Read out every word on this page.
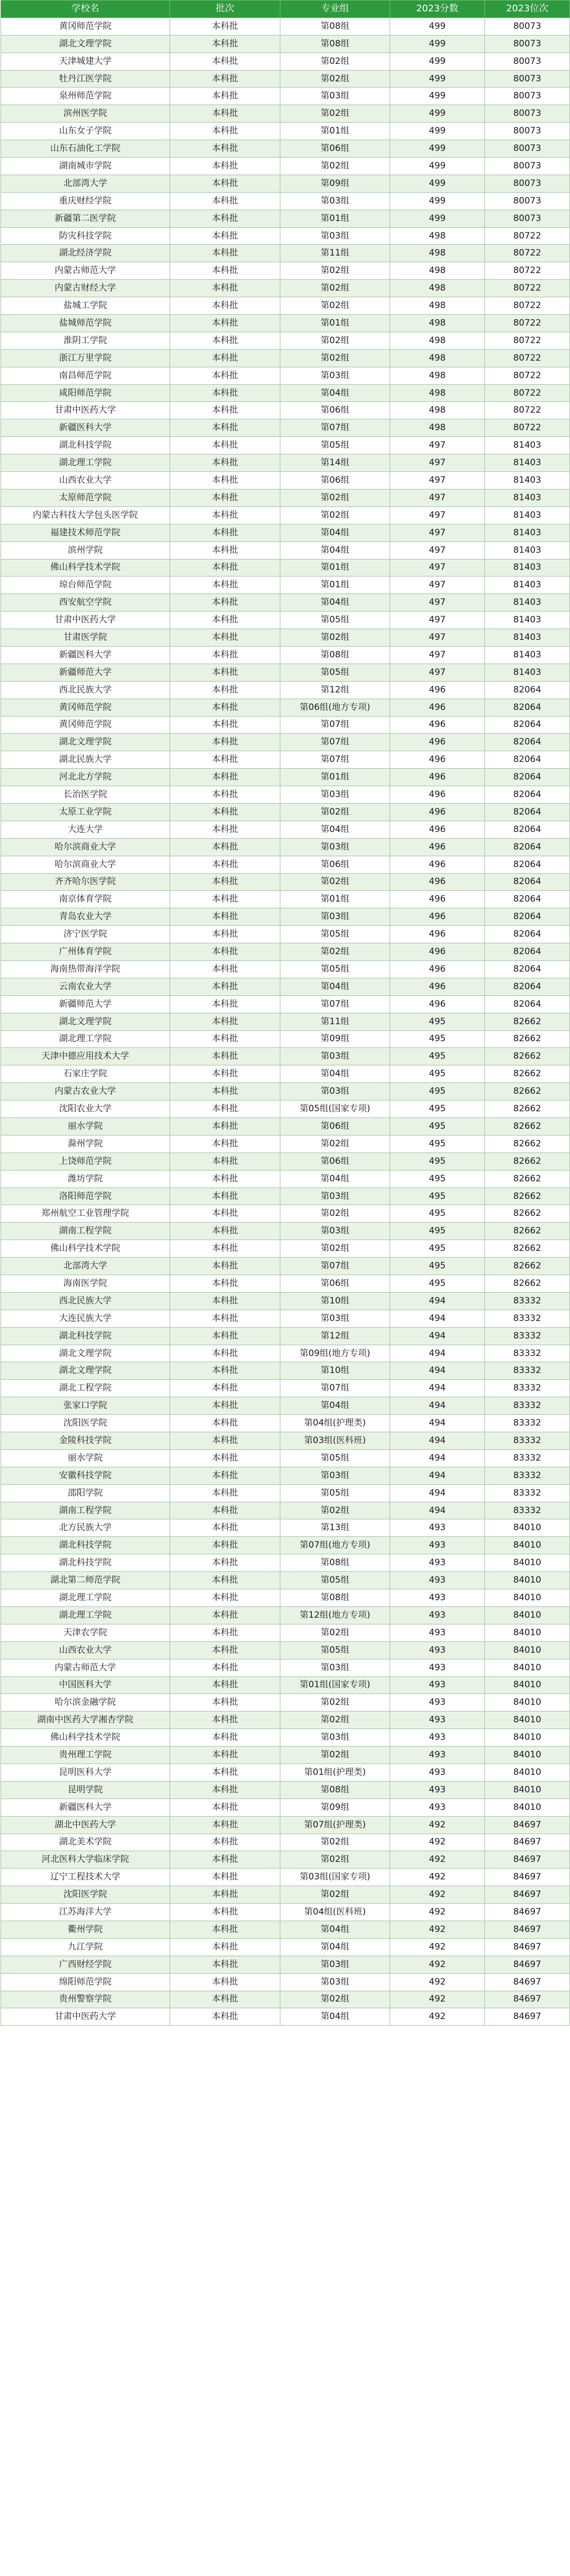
学校名	批次	专业组	2023分数	2023位次
黄冈师范学院	本科批	第08组	499	80073
湖北文理学院	本科批	第08组	499	80073
天津城建大学	本科批	第02组	499	80073
牡丹江医学院	本科批	第02组	499	80073
泉州师范学院	本科批	第03组	499	80073
滨州医学院	本科批	第02组	499	80073
山东女子学院	本科批	第01组	499	80073
山东石油化工学院	本科批	第06组	499	80073
湖南城市学院	本科批	第02组	499	80073
北部湾大学	本科批	第09组	499	80073
重庆财经学院	本科批	第03组	499	80073
新疆第二医学院	本科批	第01组	499	80073
防灾科技学院	本科批	第03组	498	80722
湖北经济学院	本科批	第11组	498	80722
内蒙古师范大学	本科批	第02组	498	80722
内蒙古财经大学	本科批	第02组	498	80722
盐城工学院	本科批	第02组	498	80722
盐城师范学院	本科批	第01组	498	80722
淮阴工学院	本科批	第02组	498	80722
浙江万里学院	本科批	第02组	498	80722
南昌师范学院	本科批	第03组	498	80722
咸阳师范学院	本科批	第04组	498	80722
甘肃中医药大学	本科批	第06组	498	80722
新疆医科大学	本科批	第07组	498	80722
湖北科技学院	本科批	第05组	497	81403
湖北理工学院	本科批	第14组	497	81403
山西农业大学	本科批	第06组	497	81403
太原师范学院	本科批	第02组	497	81403
内蒙古科技大学包头医学院	本科批	第02组	497	81403
福建技术师范学院	本科批	第04组	497	81403
滨州学院	本科批	第04组	497	81403
佛山科学技术学院	本科批	第01组	497	81403
琼台师范学院	本科批	第01组	497	81403
西安航空学院	本科批	第04组	497	81403
甘肃中医药大学	本科批	第05组	497	81403
甘肃医学院	本科批	第02组	497	81403
新疆医科大学	本科批	第08组	497	81403
新疆师范大学	本科批	第05组	497	81403
西北民族大学	本科批	第12组	496	82064
黄冈师范学院	本科批	第06组(地方专项)	496	82064
黄冈师范学院	本科批	第07组	496	82064
湖北文理学院	本科批	第07组	496	82064
湖北民族大学	本科批	第07组	496	82064
河北北方学院	本科批	第01组	496	82064
长治医学院	本科批	第03组	496	82064
太原工业学院	本科批	第02组	496	82064
大连大学	本科批	第04组	496	82064
哈尔滨商业大学	本科批	第03组	496	82064
哈尔滨商业大学	本科批	第06组	496	82064
齐齐哈尔医学院	本科批	第02组	496	82064
南京体育学院	本科批	第01组	496	82064
青岛农业大学	本科批	第03组	496	82064
济宁医学院	本科批	第05组	496	82064
广州体育学院	本科批	第02组	496	82064
海南热带海洋学院	本科批	第05组	496	82064
云南农业大学	本科批	第04组	496	82064
新疆师范大学	本科批	第07组	496	82064
湖北文理学院	本科批	第11组	495	82662
湖北理工学院	本科批	第09组	495	82662
天津中德应用技术大学	本科批	第03组	495	82662
石家庄学院	本科批	第04组	495	82662
内蒙古农业大学	本科批	第03组	495	82662
沈阳农业大学	本科批	第05组(国家专项)	495	82662
丽水学院	本科批	第06组	495	82662
滁州学院	本科批	第02组	495	82662
上饶师范学院	本科批	第06组	495	82662
潍坊学院	本科批	第04组	495	82662
洛阳师范学院	本科批	第03组	495	82662
郑州航空工业管理学院	本科批	第02组	495	82662
湖南工程学院	本科批	第03组	495	82662
佛山科学技术学院	本科批	第02组	495	82662
北部湾大学	本科批	第07组	495	82662
海南医学院	本科批	第06组	495	82662
西北民族大学	本科批	第10组	494	83332
大连民族大学	本科批	第03组	494	83332
湖北科技学院	本科批	第12组	494	83332
湖北文理学院	本科批	第09组(地方专项)	494	83332
湖北文理学院	本科批	第10组	494	83332
湖北工程学院	本科批	第07组	494	83332
张家口学院	本科批	第04组	494	83332
沈阳医学院	本科批	第04组(护理类)	494	83332
金陵科技学院	本科批	第03组(医科班)	494	83332
丽水学院	本科批	第05组	494	83332
安徽科技学院	本科批	第03组	494	83332
邵阳学院	本科批	第05组	494	83332
湖南工程学院	本科批	第02组	494	83332
北方民族大学	本科批	第13组	493	84010
湖北科技学院	本科批	第07组(地方专项)	493	84010
湖北科技学院	本科批	第08组	493	84010
湖北第二师范学院	本科批	第05组	493	84010
湖北理工学院	本科批	第08组	493	84010
湖北理工学院	本科批	第12组(地方专项)	493	84010
天津农学院	本科批	第02组	493	84010
山西农业大学	本科批	第05组	493	84010
内蒙古师范大学	本科批	第03组	493	84010
中国医科大学	本科批	第01组(国家专项)	493	84010
哈尔滨金融学院	本科批	第02组	493	84010
湖南中医药大学湘杏学院	本科批	第02组	493	84010
佛山科学技术学院	本科批	第03组	493	84010
贵州理工学院	本科批	第02组	493	84010
昆明医科大学	本科批	第01组(护理类)	493	84010
昆明学院	本科批	第08组	493	84010
新疆医科大学	本科批	第09组	493	84010
湖北中医药大学	本科批	第07组(护理类)	492	84697
湖北美术学院	本科批	第02组	492	84697
河北医科大学临床学院	本科批	第02组	492	84697
辽宁工程技术大学	本科批	第03组(国家专项)	492	84697
沈阳医学院	本科批	第02组	492	84697
江苏海洋大学	本科批	第04组(医科班)	492	84697
衢州学院	本科批	第04组	492	84697
九江学院	本科批	第04组	492	84697
广西财经学院	本科批	第03组	492	84697
绵阳师范学院	本科批	第03组	492	84697
贵州警察学院	本科批	第02组	492	84697
甘肃中医药大学	本科批	第04组	492	84697
